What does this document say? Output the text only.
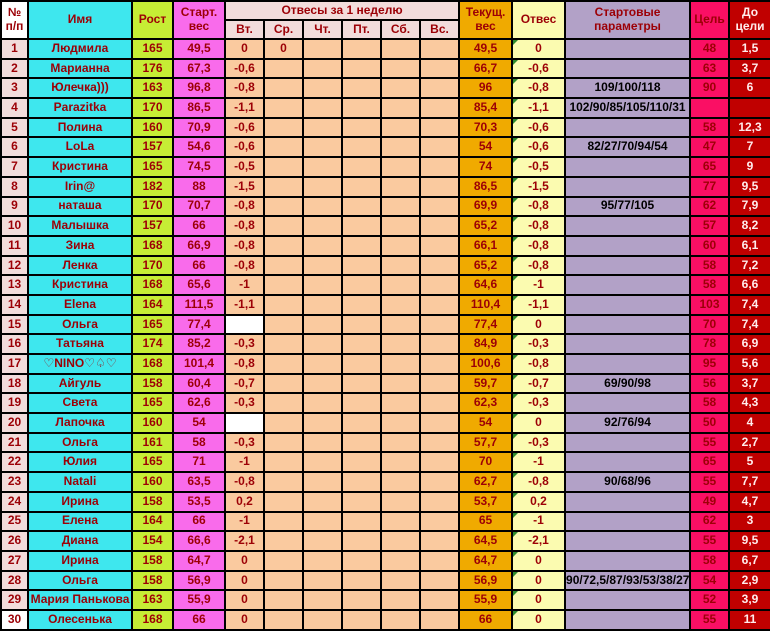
№ п/п	Имя	Рост	Старт. вес	Отвесы за 1 неделю						Текущ. вес	Отвес	Стартовые параметры	Цель	До цели
				Вт.	Ср.	Чт.	Пт.	Сб.	Вс.					
1	Людмила	165	49,5	0	0					49,5	0		48	1,5
2	Марианна	176	67,3	-0,6						66,7	-0,6		63	3,7
3	Юлечка)))	163	96,8	-0,8						96	-0,8	109/100/118	90	6
4	Parazitka	170	86,5	-1,1						85,4	-1,1	102/90/85/105/110/31		
5	Полина	160	70,9	-0,6						70,3	-0,6		58	12,3
6	LoLa	157	54,6	-0,6						54	-0,6	82/27/70/94/54	47	7
7	Кристина	165	74,5	-0,5						74	-0,5		65	9
8	Irin@	182	88	-1,5						86,5	-1,5		77	9,5
9	наташа	170	70,7	-0,8						69,9	-0,8	95/77/105	62	7,9
10	Малышка	157	66	-0,8						65,2	-0,8		57	8,2
11	Зина	168	66,9	-0,8						66,1	-0,8		60	6,1
12	Ленка	170	66	-0,8						65,2	-0,8		58	7,2
13	Кристина	168	65,6	-1						64,6	-1		58	6,6
14	Elena	164	111,5	-1,1						110,4	-1,1		103	7,4
15	Ольга	165	77,4							77,4	0		70	7,4
16	Татьяна	174	85,2	-0,3						84,9	-0,3		78	6,9
17	♡NINO♡♤♡	168	101,4	-0,8						100,6	-0,8		95	5,6
18	Айгуль	158	60,4	-0,7						59,7	-0,7	69/90/98	56	3,7
19	Света	165	62,6	-0,3						62,3	-0,3		58	4,3
20	Лапочка	160	54							54	0	92/76/94	50	4
21	Ольга	161	58	-0,3						57,7	-0,3		55	2,7
22	Юлия	165	71	-1						70	-1		65	5
23	Natali	160	63,5	-0,8						62,7	-0,8	90/68/96	55	7,7
24	Ирина	158	53,5	0,2						53,7	0,2		49	4,7
25	Елена	164	66	-1						65	-1		62	3
26	Диана	154	66,6	-2,1						64,5	-2,1		55	9,5
27	Ирина	158	64,7	0						64,7	0		58	6,7
28	Ольга	158	56,9	0						56,9	0	90/72,5/87/93/53/38/27	54	2,9
29	Мария Панькова	163	55,9	0						55,9	0		52	3,9
30	Олесенька	168	66	0						66	0		55	11
